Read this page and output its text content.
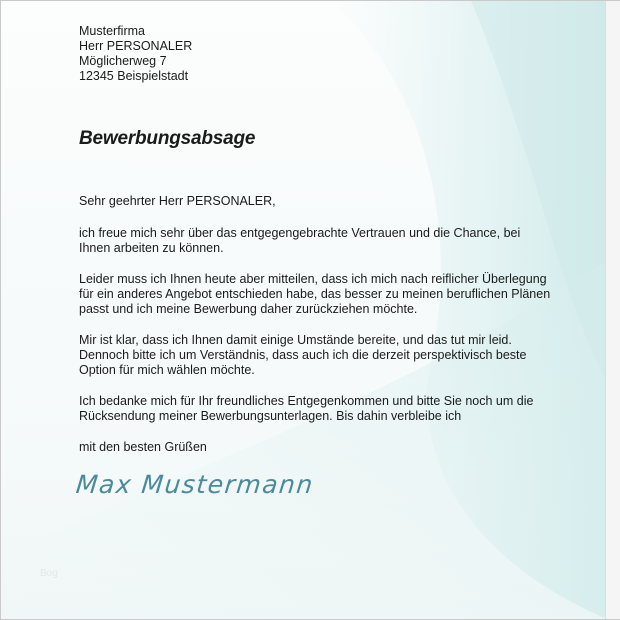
Musterfirma
Herr PERSONALER
Möglicherweg 7
12345 Beispielstadt
Bewerbungsabsage

Sehr geehrter Herr PERSONALER,

ich freue mich sehr über das entgegengebrachte Vertrauen und die Chance, bei

Ihnen arbeiten zu können.

Leider muss ich Ihnen heute aber mitteilen, dass ich mich nach reiflicher Überlegung

für ein anderes Angebot entschieden habe, das besser zu meinen beruflichen Plänen

passt und ich meine Bewerbung daher zurückziehen möchte.

Mir ist klar, dass ich Ihnen damit einige Umstände bereite, und das tut mir leid.

Dennoch bitte ich um Verständnis, dass auch ich die derzeit perspektivisch beste

Option für mich wählen möchte.

Ich bedanke mich für Ihr freundliches Entgegenkommen und bitte Sie noch um die

Rücksendung meiner Bewerbungsunterlagen. Bis dahin verbleibe ich

mit den besten Grüßen

Max Mustermann
Bog
